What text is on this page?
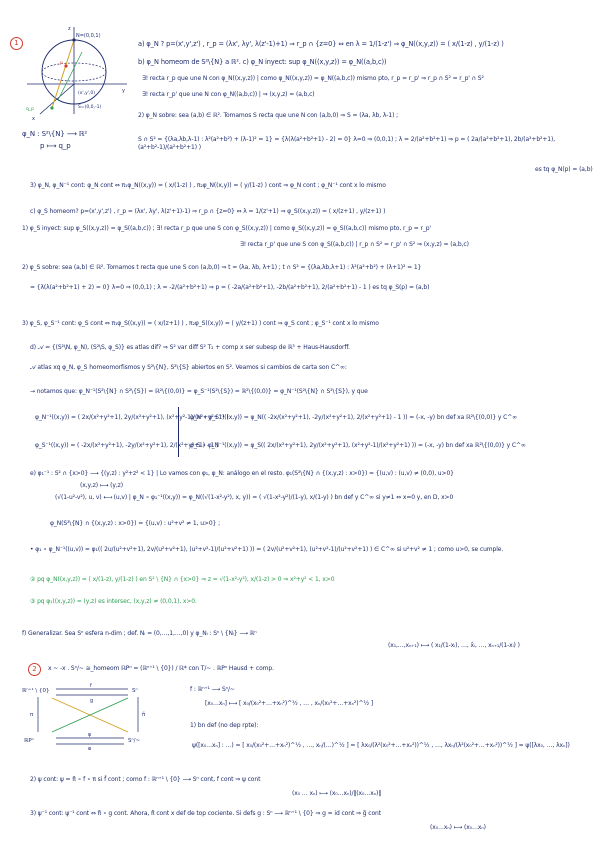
1
N=(0,0,1)
z
y
x
p
(x',y',0)
q_p	S=(0,0,-1)
φ_N : S²\{N} ⟶ ℝ²
p ⟼ q_p
a) φ_N ? p=(x',y',z') , r_p = (λx', λy', λ(z'-1)+1) ⇒ r_p ∩ {z=0} ⇔ en λ = 1/(1-z') ⇒ φ_N((x,y,z)) = ( x/(1-z) , y/(1-z) )
b) φ_N homeom de S²\{N} a ℝ². c) φ_N inyect: sup φ_N((x,y,z)) = φ_N((a,b,c))
∃! recta r_p que une N con φ_N((x,y,z)) | como φ_N((x,y,z)) = φ_N((a,b,c)) mismo pto, r_p = r_p' ⇒ r_p ∩ S² = r_p' ∩ S²
∃! recta r_p' que une N con φ_N((a,b,c)) | ⇒ (x,y,z) = (a,b,c)
2) φ_N sobre: sea (a,b) ∈ ℝ². Tomamos S recta que une N con (a,b,0) ⇒ S = (λa, λb, λ-1) ;
S ∩ S² = {(λa,λb,λ-1) : λ²(a²+b²) + (λ-1)² = 1} = {λ(λ(a²+b²+1) - 2) = 0} λ=0 ⇒ (0,0,1) ; λ = 2/(a²+b²+1) ⇒ p = ( 2a/(a²+b²+1), 2b/(a²+b²+1), (a²+b²-1)/(a²+b²+1) )
es tq φ_N(p) = (a,b)
3) φ_N, φ_N⁻¹ cont: φ_N cont ⇔ π₁φ_N((x,y)) = ( x/(1-z) ) , π₂φ_N((x,y)) = ( y/(1-z) ) cont ⇒ φ_N cont ; φ_N⁻¹ cont x lo mismo
c) φ_S homeom? p=(x',y',z') , r_p = (λx', λy', λ(z'+1)-1) ⇒ r_p ∩ {z=0} ⇔ λ = 1/(z'+1) ⇒ φ_S((x,y,z)) = ( x/(z+1) , y/(z+1) )
1) φ_S inyect: sup φ_S((x,y,z)) = φ_S((a,b,c)) ; ∃! recta r_p que une S con φ_S((x,y,z)) | como φ_S((x,y,z)) = φ_S((a,b,c)) mismo pto, r_p = r_p'
∃! recta r_p' que une S con φ_S((a,b,c)) | r_p ∩ S² = r_p' ∩ S² ⇒ (x,y,z) = (a,b,c)
2) φ_S sobre: sea (a,b) ∈ ℝ². Tomamos t recta que une S con (a,b,0) ⇒ t = (λa, λb, λ+1) ; t ∩ S² = {(λa,λb,λ+1) : λ²(a²+b²) + (λ+1)² = 1}
= {λ(λ(a²+b²+1) + 2) = 0} λ=0 ⇒ (0,0,1) ; λ = -2/(a²+b²+1) ⇒ p = ( -2a/(a²+b²+1), -2b/(a²+b²+1), 2/(a²+b²+1) - 1 ) es tq φ_S(p) = (a,b)
3) φ_S, φ_S⁻¹ cont: φ_S cont ⇔ π₁φ_S((x,y)) = ( x/(z+1) ) , π₂φ_S((x,y)) = ( y/(z+1) ) cont ⇒ φ_S cont ; φ_S⁻¹ cont x lo mismo
d) 𝒜 = {(S²\N, φ_N), (S²\S, φ_S)} es atlas dif? ⇒ S² var diff S² T₂ + comp x ser subesp de ℝ³ + Haus-Hausdorff.
𝒜 atlas xq φ_N, φ_S homeomorfismos y S²\{N}, S²\{S} abiertos en S². Veamos si cambios de carta son C^∞:
→ notamos que: φ_N⁻¹(S²\{N} ∩ S²\{S}) = ℝ²\{(0,0)} = φ_S⁻¹(S²\{S}) = ℝ²\{(0,0)} = φ_N⁻¹(S²\{N} ∩ S²\{S}), y que
φ_N⁻¹((x,y)) = ( 2x/(x²+y²+1), 2y/(x²+y²+1), (x²+y²-1)/(x²+y²+1) )
φ_N ∘ φ_S⁻¹((x,y)) = φ_N(( -2x/(x²+y²+1), -2y/(x²+y²+1), 2/(x²+y²+1) - 1 )) = (-x, -y) bn def xa ℝ²\{(0,0)} y C^∞
φ_S⁻¹((x,y)) = ( -2x/(x²+y²+1), -2y/(x²+y²+1), 2/(x²+y²+1) - 1 )
φ_S ∘ φ_N⁻¹((x,y)) = φ_S(( 2x/(x²+y²+1), 2y/(x²+y²+1), (x²+y²-1)/(x²+y²+1) )) = (-x, -y) bn def xa ℝ²\{(0,0)} y C^∞
e) φ₁⁻¹ : S² ∩ {x>0} ⟶ {(y,z) : y²+z² < 1} | Lo vamos con φ₁, φ_N: análogo en el resto. φ₁(S²\{N} ∩ {(x,y,z) : x>0}) = {(u,v) : (u,v) ≠ (0,0), u>0}
(x,y,z) ⟼ (y,z)
(√(1-u²-v²), u, v) ⟻ (u,v) | φ_N ∘ φ₁⁻¹((x,y)) = φ_N((√(1-x²-y²), x, y)) = ( √(1-x²-y²)/(1-y), x/(1-y) ) bn def y C^∞ si y≠1 ⇔ x=0 y, en D, x>0
φ_N(S²\{N} ∩ {(x,y,z) : x>0}) = {(u,v) : u²+v² ≠ 1, u>0} ;
• φ₁ ∘ φ_N⁻¹((u,v)) = φ₁(( 2u/(u²+v²+1), 2v/(u²+v²+1), (u²+v²-1)/(u²+v²+1) )) = ( 2v/(u²+v²+1), (u²+v²-1)/(u²+v²+1) ) ∈ C^∞ si u²+v² ≠ 1 ; como u>0, se cumple.
② pq φ_N((x,y,z)) = ( x/(1-z), y/(1-z) ) en S² \ {N} ∩ {x>0} ⇒ z = √(1-x²-y²), x/(1-z) > 0 ⇒ x²+y² < 1, x>0
③ pq φ₁((x,y,z)) = (y,z) es intersec, (x,y,z) ≠ (0,0,1), x>0.
f) Generalizar. Sea Sⁿ esfera n-dim ; def. Nᵢ = (0,…,1,…,0) y φ_Nᵢ : Sⁿ \ {Nᵢ} ⟶ ℝⁿ
(x₁,…,xₙ₊₁) ⟼ ( x₁/(1-xᵢ), …, x̂ᵢ, …, xₙ₊₁/(1-xᵢ) )
2	x ~ -x . Sⁿ/~ ≅_homeom ℝPⁿ = (ℝⁿ⁺¹ \ {0}) / ℝ* con T/~ . ℝPⁿ Hausd + comp.
ℝⁿ⁺¹ \ {0}	Sⁿ
ℝPⁿ	Sⁿ/~
f
g
π	π̃
ψ
φ
f : ℝⁿ⁺¹ ⟶ Sⁿ/~
[x₀…xₙ] ⟼ [ x₀/(x₀²+…+xₙ²)^½ , … , xₙ/(x₀²+…+xₙ²)^½ ]
1) bn def (no dep rpte):
ψ([x₀…xₙ] : …) = [ x₀/(x₀²+…+xₙ²)^½ , …, xₙ/(…)^½ ] = [ λx₀/(λ²(x₀²+…+xₙ²))^½ , …, λxₙ/(λ²(x₀²+…+xₙ²))^½ ] = ψ([λx₀, …, λxₙ])
2) ψ cont: ψ = π̃ ∘ f ∘ π si f̃ cont ; como f : ℝⁿ⁺¹ \ {0} ⟶ Sⁿ cont, f cont ⇒ ψ cont
(x₀ … xₙ) ⟼ (x₀…xₙ)/‖(x₀…xₙ)‖
3) ψ⁻¹ cont: ψ⁻¹ cont ⇔ π̃ ∘ g cont. Ahora, π̃ cont x def de top cociente. Si defs g : Sⁿ ⟶ ℝⁿ⁺¹ \ {0} ⇒ g = id cont ⇒ g̃ cont
(x₀…xₙ) ⟼ (x₀…xₙ)
